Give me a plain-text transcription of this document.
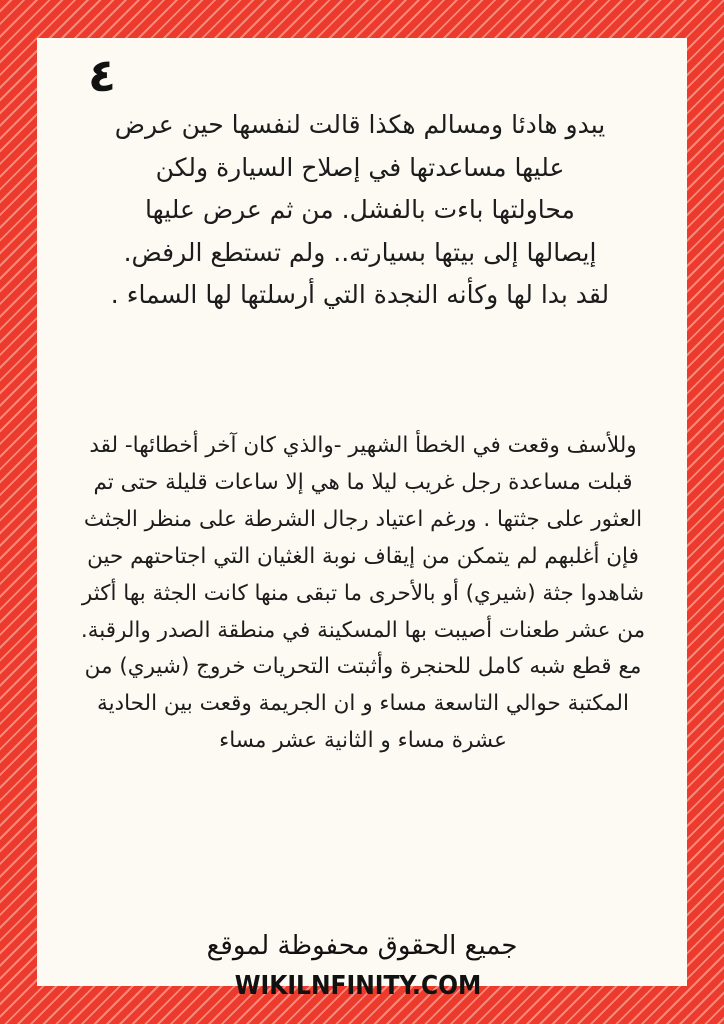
٤

يبدو هادئا ومسالم هكذا قالت لنفسها حين عرض عليها مساعدتها في إصلاح السيارة ولكن محاولتها باءت بالفشل. من ثم عرض عليها إيصالها إلى بيتها بسيارته.. ولم تستطع الرفض. لقد بدا لها وكأنه النجدة التي أرسلتها لها السماء .

وللأسف وقعت في الخطأ الشهير -والذي كان آخر أخطائها- لقد قبلت مساعدة رجل غريب ليلا ما هي إلا ساعات قليلة حتى تم العثور على جثتها . ورغم اعتياد رجال الشرطة على منظر الجثث فإن أغلبهم لم يتمكن من إيقاف نوبة الغثيان التي اجتاحتهم حين شاهدوا جثة (شيري) أو بالأحرى ما تبقى منها كانت الجثة بها أكثر من عشر طعنات أصيبت بها المسكينة في منطقة الصدر والرقبة. مع قطع شبه كامل للحنجرة وأثبتت التحريات خروج (شيري) من المكتبة حوالي التاسعة مساء و ان الجريمة وقعت بين الحادية عشرة مساء و الثانية عشر مساء

جميع الحقوق محفوظة لموقع WIKILNFINITY.COM
